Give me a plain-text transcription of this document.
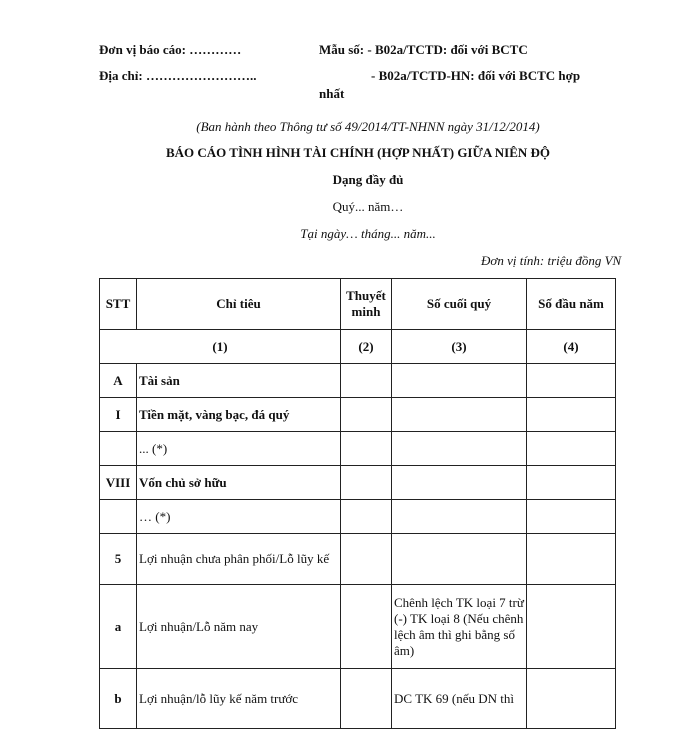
Đơn vị báo cáo: …………	Mẫu số: - B02a/TCTD: đối với BCTC
Địa chỉ: ……………………..	- B02a/TCTD-HN: đối với BCTC hợp
nhất
(Ban hành theo Thông tư số 49/2014/TT-NHNN ngày 31/12/2014)
BÁO CÁO TÌNH HÌNH TÀI CHÍNH (HỢP NHẤT) GIỮA NIÊN ĐỘ
Dạng đầy đủ
Quý... năm…
Tại ngày… tháng... năm...
Đơn vị tính: triệu đồng VN
STT	Chỉ tiêu	Thuyết minh	Số cuối quý	Số đầu năm
(1)		(2)	(3)	(4)
A	Tài sản			
I	Tiền mặt, vàng bạc, đá quý			
	... (*)			
VIII	Vốn chủ sở hữu			
	… (*)			
5	Lợi nhuận chưa phân phối/Lỗ lũy kế			
a	Lợi nhuận/Lỗ năm nay		Chênh lệch TK loại 7 trừ (-) TK loại 8 (Nếu chênh lệch âm thì ghi bằng số âm)	
b	Lợi nhuận/lỗ lũy kế năm trước		DC TK 69 (nếu DN thì	
